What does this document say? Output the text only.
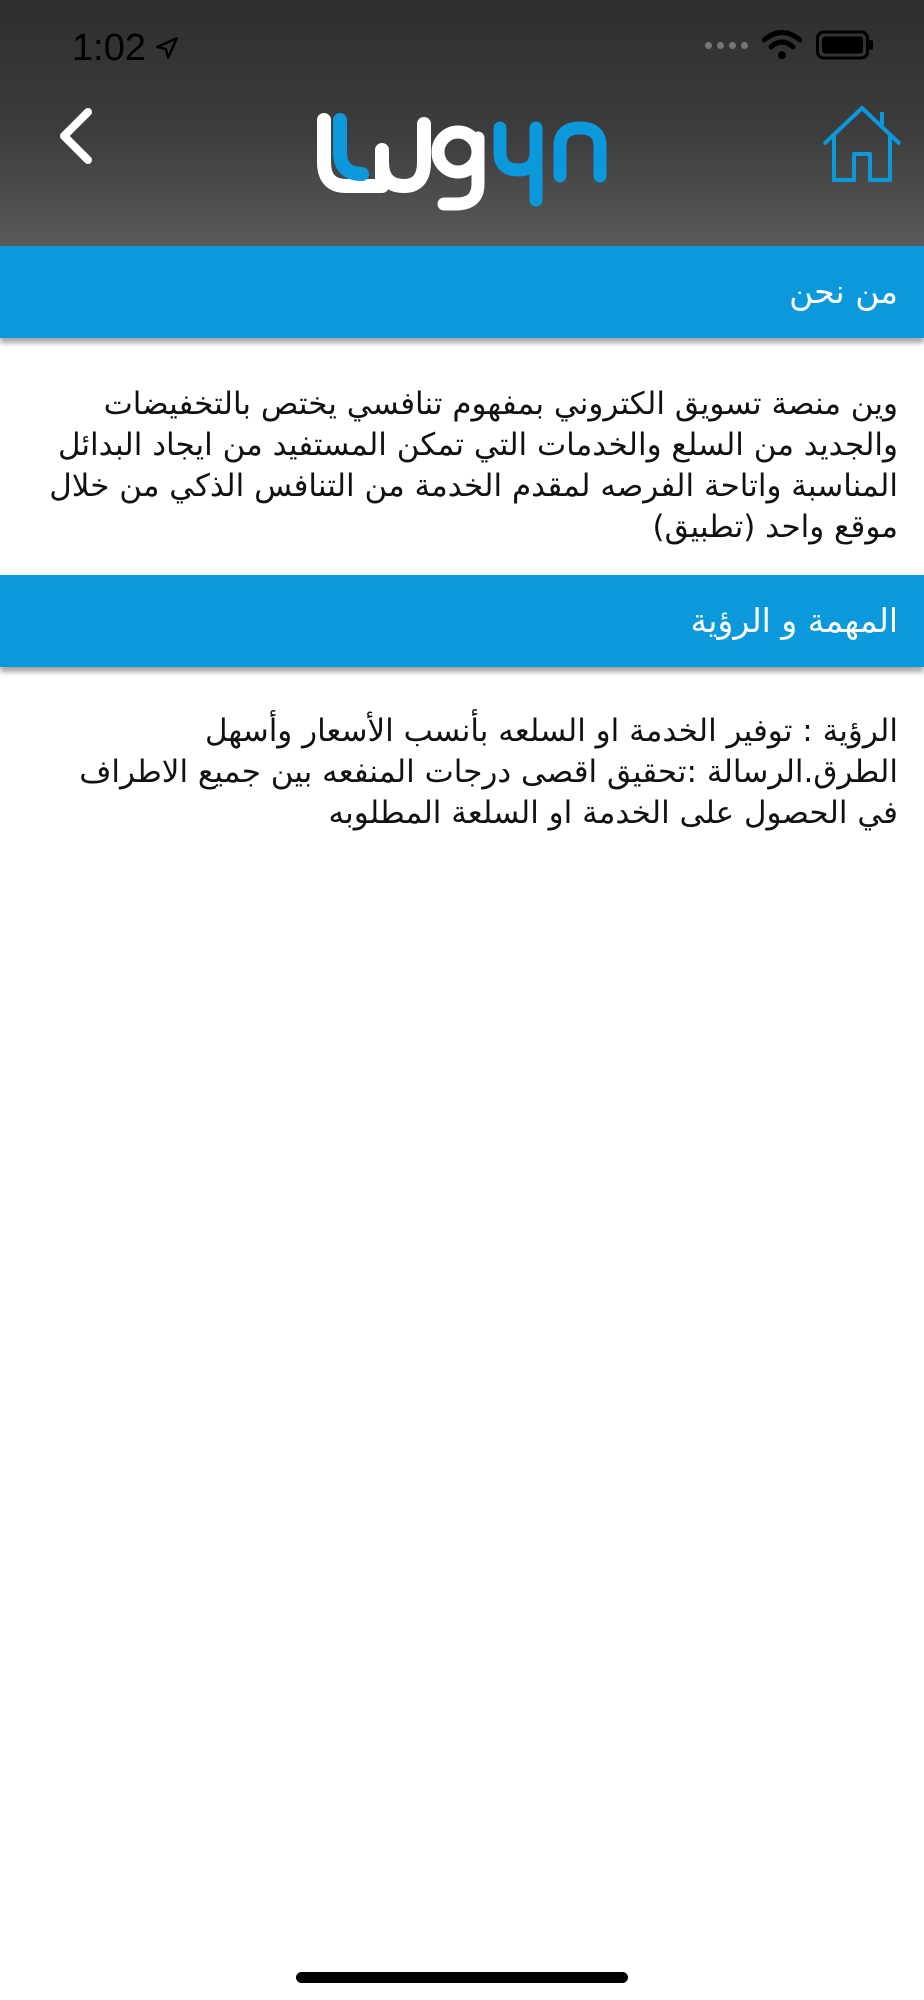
1:02
من نحن
وين منصة تسويق الكتروني بمفهوم تنافسي يختص بالتخفيضات والجديد من السلع والخدمات التي تمكن المستفيد من ايجاد البدائل المناسبة واتاحة الفرصه لمقدم الخدمة من التنافس الذكي من خلال موقع واحد (تطبيق)
المهمة و الرؤية
الرؤية : توفير الخدمة او السلعه بأنسب الأسعار وأسهل الطرق.الرسالة :تحقيق اقصى درجات المنفعه بين جميع الاطراف في الحصول على الخدمة او السلعة المطلوبه
